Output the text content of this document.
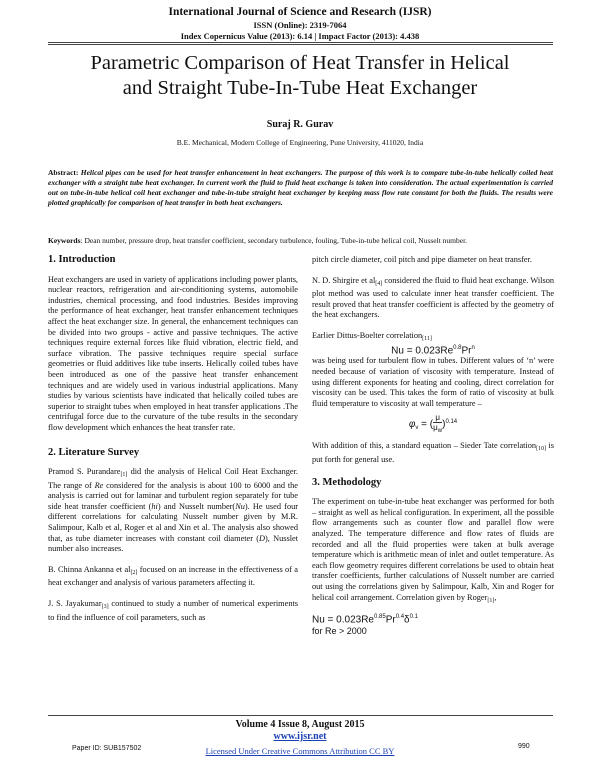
International Journal of Science and Research (IJSR)
ISSN (Online): 2319-7064
Index Copernicus Value (2013): 6.14 | Impact Factor (2013): 4.438
Parametric Comparison of Heat Transfer in Helical
and Straight Tube-In-Tube Heat Exchanger
Suraj R. Gurav
B.E. Mechanical, Modern College of Engineering, Pune University, 411020, India
Abstract: Helical pipes can be used for heat transfer enhancement in heat exchangers. The purpose of this work is to compare tube-in-tube helically coiled heat exchanger with a straight tube heat exchanger. In current work the fluid to fluid heat exchange is taken into consideration. The actual experimentation is carried out on tube-in-tube helical coil heat exchanger and tube-in-tube straight heat exchanger by keeping mass flow rate constant for both the fluids. The results were plotted graphically for comparison of heat transfer in both heat exchangers.
Keywords: Dean number, pressure drop, heat transfer coefficient, secondary turbulence, fouling, Tube-in-tube helical coil, Nusselt number.
1. Introduction
Heat exchangers are used in variety of applications including power plants, nuclear reactors, refrigeration and air-conditioning systems, automobile industries, chemical processing, and food industries. Besides improving the performance of heat exchanger, heat transfer enhancement techniques affect the heat exchanger size. In general, the enhancement techniques can be divided into two groups - active and passive techniques. The active techniques require external forces like fluid vibration, electric field, and surface vibration. The passive techniques require special surface geometries or fluid additives like tube inserts. Helically coiled tubes have been introduced as one of the passive heat transfer enhancement techniques and are widely used in various industrial applications. Many studies by various scientists have indicated that helically coiled tubes are superior to straight tubes when employed in heat transfer applications .The centrifugal force due to the curvature of the tube results in the secondary flow development which enhances the heat transfer rate.
2. Literature Survey
Pramod S. Purandare$_{[1]}$ did the analysis of Helical Coil Heat Exchanger. The range of Re considered for the analysis is about 100 to 6000 and the analysis is carried out for laminar and turbulent region separately for tube side heat transfer coefficient (hi) and Nusselt number(Nu). He used four different correlations for calculating Nusselt number given by M.R. Salimpour, Kalb et al, Roger et al and Xin et al. The analysis also showed that, as tube diameter increases with constant coil diameter (D), Nusslet number also increases.
B. Chinna Ankanna et $al_{[2]}$ focused on an increase in the effectiveness of a heat exchanger and analysis of various parameters affecting it.
J. S. Jayakumar$_{[3]}$ continued to study a number of numerical experiments to find the influence of coil parameters, such as
pitch circle diameter, coil pitch and pipe diameter on heat transfer.
N. D. Shirgire et $al_{[4]}$ considered the fluid to fluid heat exchange. Wilson plot method was used to calculate inner heat transfer coefficient. The result proved that heat transfer coefficient is affected by the geometry of the heat exchangers.
Earlier Dittus-Boelter correlation$_{[11]}$
$Nu = 0.023Re^{0.8}Pr^n$
was being used for turbulent flow in tubes. Different values of ‘n’ were needed because of variation of viscosity with temperature. Instead of using different exponents for heating and cooling, direct correlation for viscosity can be used. This takes the form of ratio of viscosity at bulk fluid temperature to viscosity at wall temperature –
$\varphi_v$ = ( $\frac{\mu}{\mu_w} )^{0.14}$
With addition of this, a standard equation – Sieder Tate correlation$_{[10]}$ is put forth for general use.
3. Methodology
The experiment on tube-in-tube heat exchanger was performed for both – straight as well as helical configuration. In experiment, all the possible flow arrangements such as counter flow and parallel flow were analyzed. The temperature difference and flow rates of fluids are recorded and all the fluid properties were taken at bulk average temperature which is arithmetic mean of inlet and outlet temperature. As each flow geometry requires different correlations be used to obtain heat transfer coefficients, further calculations of Nusselt number are carried out using the correlations given by Salimpour, Kalb, Xin and Roger for helical coil arrangement. Correlation given by Roger$_{[1]}$,
$Nu = 0.023Re^{0.85}Pr^{0.4}\delta^{0.1}$
for Re > 2000
Volume 4 Issue 8, August 2015
www.ijsr.net
Licensed Under Creative Commons Attribution CC BY
Paper ID: SUB157502	990
